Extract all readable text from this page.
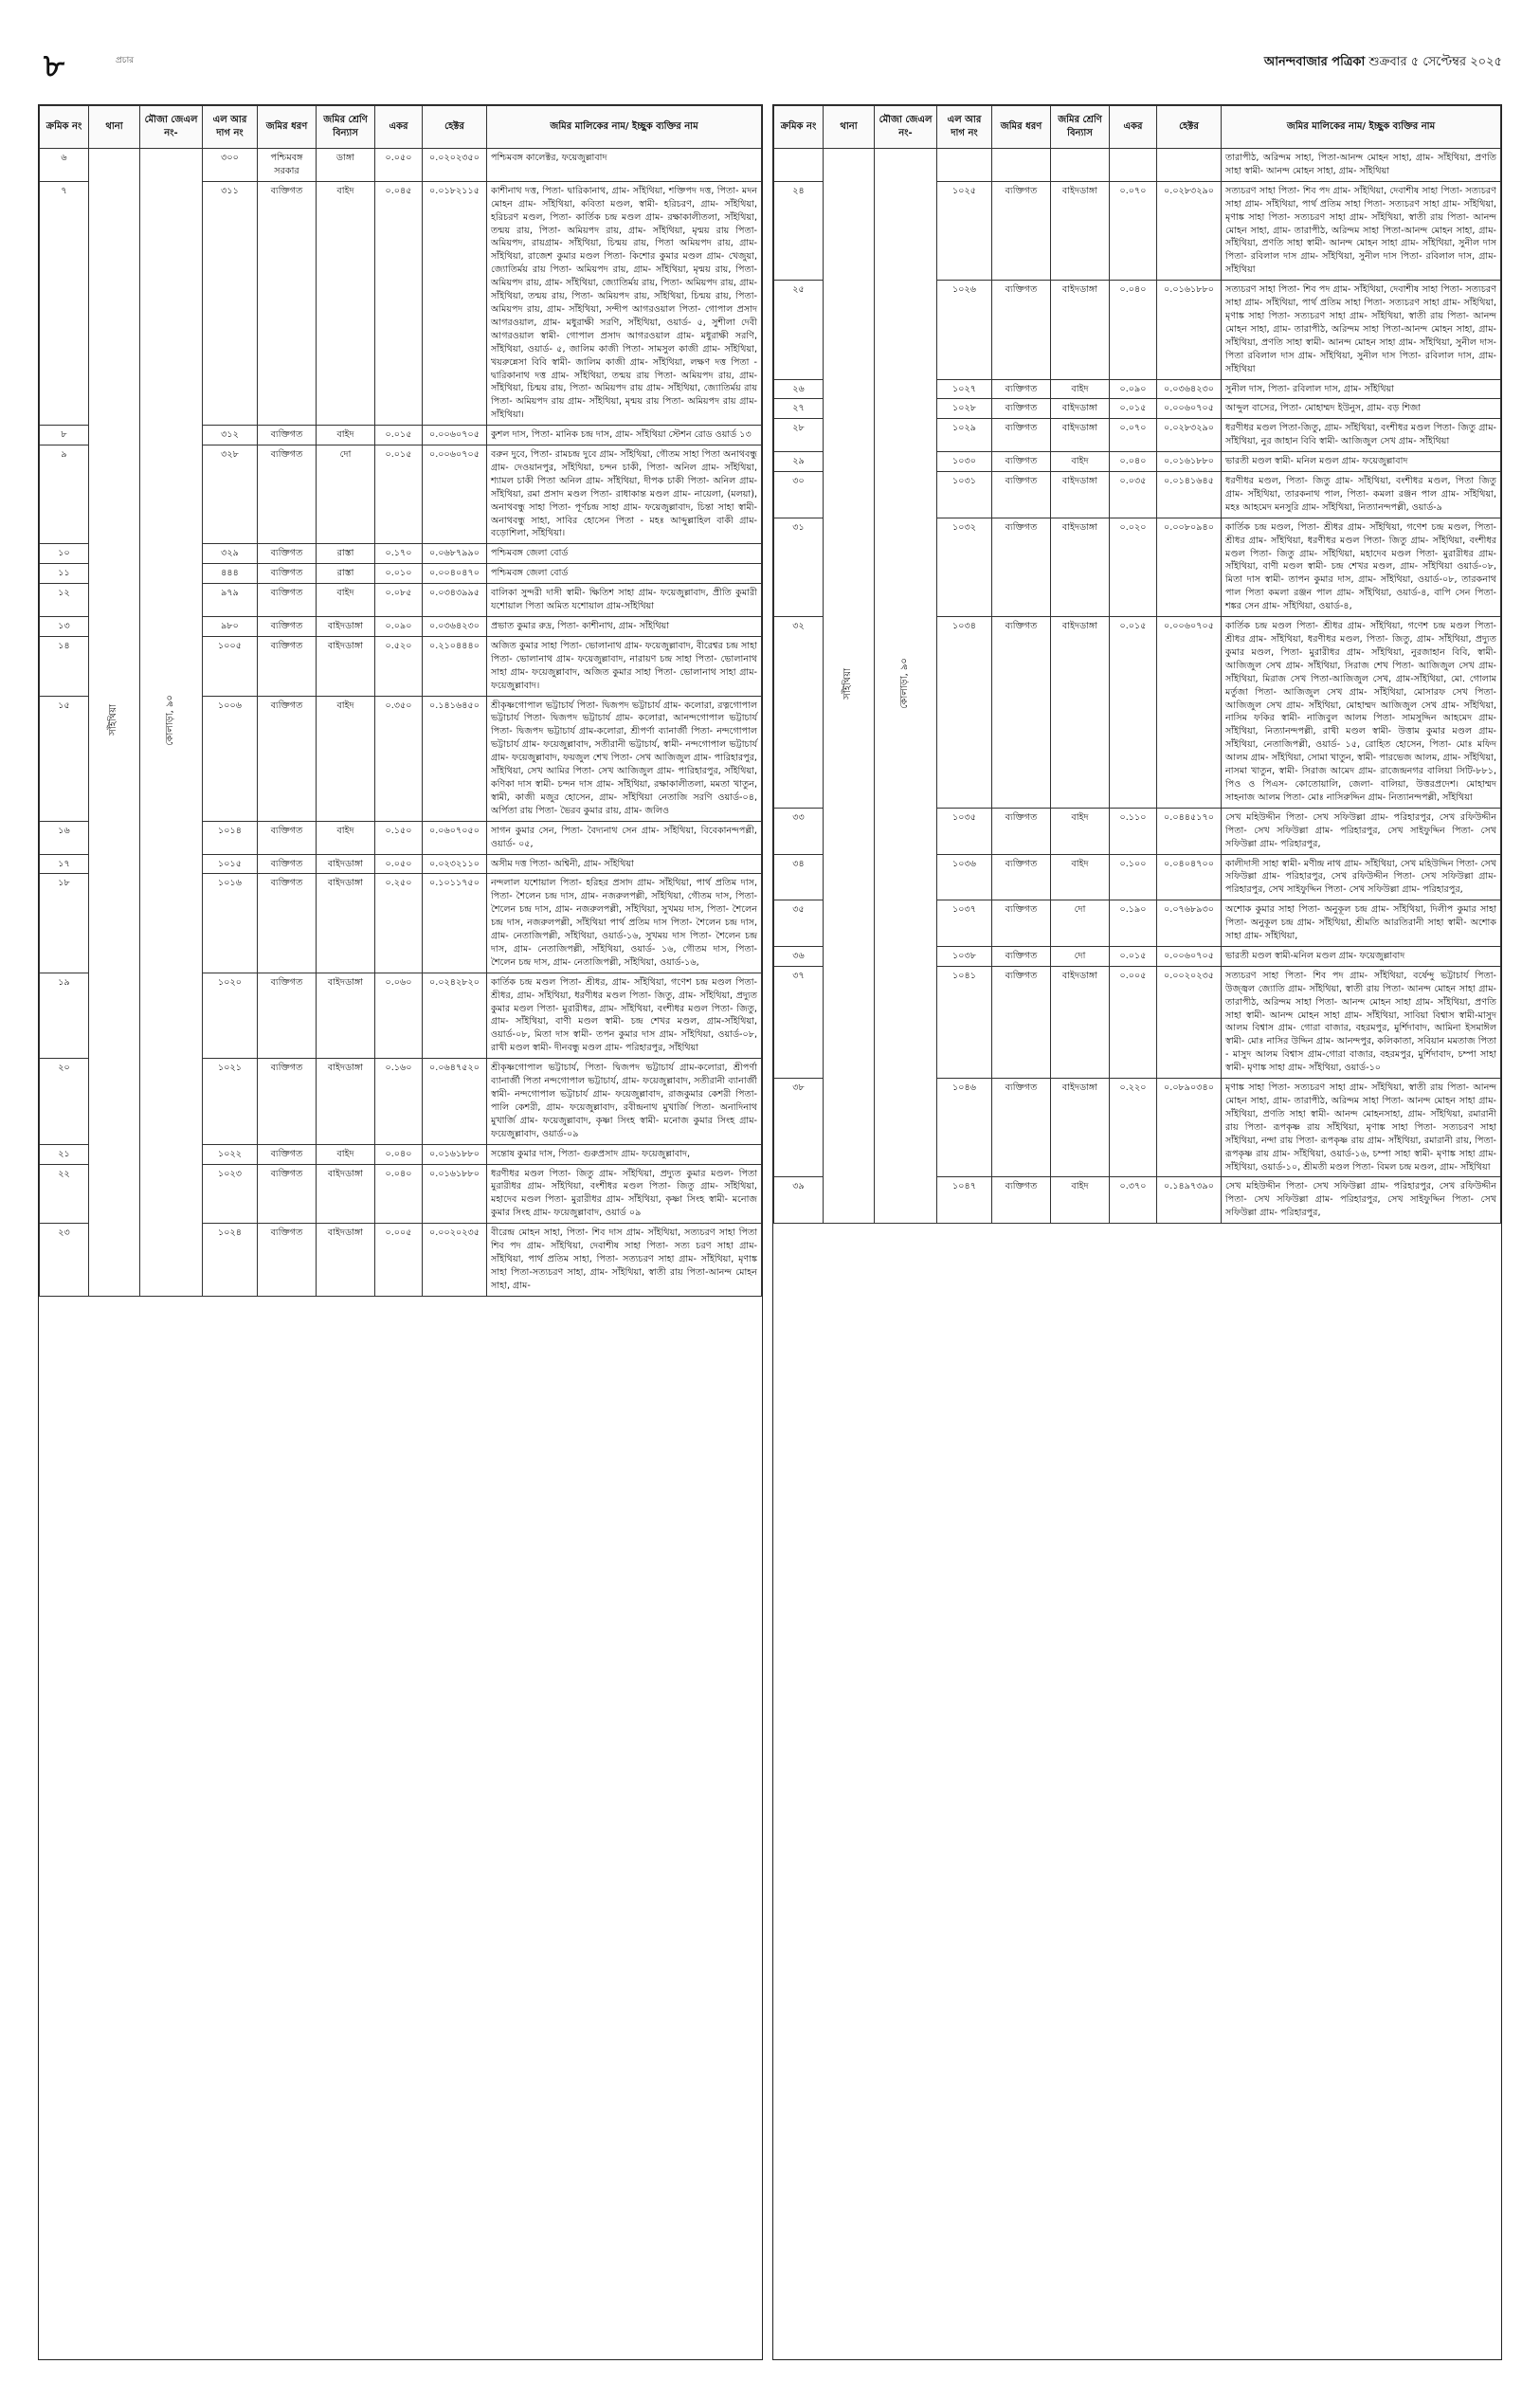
৮	প্রচার	আনন্দবাজার পত্রিকা শুক্রবার ৫ সেপ্টেম্বর ২০২৫
ক্রমিক নং	থানা	মৌজা জেএল নং-	এল আর দাগ নং	জমির ধরণ	জমির শ্রেণি বিন্যাস	একর	হেক্টর	জমির মালিকের নাম/ ইচ্ছুক ব্যক্তির নাম
৬	সাঁইথিয়া	কোলাড়া, ৯০	৩০০	পশ্চিমবঙ্গ সরকার	ডাঙ্গা	০.০৫০	০.০২০২৩৫০	পশ্চিমবঙ্গ কালেক্টর, ফয়েজুল্লাবাদ
৭			৩১১	ব্যক্তিগত	বাইদ	০.০৪৫	০.০১৮২১১৫	কাশীনাথ দত্ত, পিতা- দ্বারিকানাথ, গ্রাম- সাঁইথিয়া, শক্তিপদ দত্ত, পিতা- মদন মোহন গ্রাম- সাঁইথিয়া, কবিতা মণ্ডল, স্বামী- হরিচরণ, গ্রাম- সাঁইথিয়া, হরিচরণ মণ্ডল, পিতা- কার্তিক চন্দ্র মণ্ডল গ্রাম- রক্ষাকালীতলা, সাঁইথিয়া, তন্ময় রায়, পিতা- অমিয়পদ রায়, গ্রাম- সাঁইথিয়া, মৃন্ময় রায় পিতা- অমিয়পদ, রায়গ্রাম- সাঁইথিয়া, চিন্ময় রায়, পিতা অমিয়পদ রায়, গ্রাম- সাঁইথিয়া, রাজেশ কুমার মণ্ডল পিতা- কিশোর কুমার মণ্ডল গ্রাম- খেজুয়া, জ্যোতির্ময় রায় পিতা- অমিয়পদ রায়, গ্রাম- সাঁইথিয়া, মৃন্ময় রায়, পিতা- অমিয়পদ রায়, গ্রাম- সাঁইথিয়া, জ্যোতির্ময় রায়, পিতা- অমিয়পদ রায়, গ্রাম- সাঁইথিয়া, তন্ময় রায়, পিতা- অমিয়পদ রায়, সাঁইথিয়া, চিন্ময় রায়, পিতা- অমিয়পদ রায়, গ্রাম- সাঁইথিয়া, সন্দীপ আগরওয়াল পিতা- গোপাল প্রসাদ আগরওয়াল, গ্রাম- মধুরাক্ষী সরণি, সাঁইথিয়া, ওয়ার্ড- ৫, সুশীলা দেবী আগরওয়াল স্বামী- গোপাল প্রসাদ আগরওয়াল গ্রাম- মধুরাক্ষী সরণি, সাঁইথিয়া, ওয়ার্ড- ৫, জালিম কাজী পিতা- সামসুল কাজী গ্রাম- সাঁইথিয়া, খয়রুন্নেসা বিবি স্বামী- জালিম কাজী গ্রাম- সাঁইথিয়া, লক্ষণ দত্ত পিতা - দ্বারিকানাথ দত্ত গ্রাম- সাঁইথিয়া, তন্ময় রায় পিতা- অমিয়পদ রায়, গ্রাম- সাঁইথিয়া, চিন্ময় রায়, পিতা- অমিয়পদ রায় গ্রাম- সাঁইথিয়া, জ্যোতির্ময় রায় পিতা- অমিয়পদ রায় গ্রাম- সাঁইথিয়া, মৃন্ময় রায় পিতা- অমিয়পদ রায় গ্রাম- সাঁইথিয়া।
৮			৩১২	ব্যক্তিগত	বাইদ	০.০১৫	০.০০৬০৭০৫	কুশল দাস, পিতা- মানিক চন্দ্র দাস, গ্রাম- সাঁইথিয়া স্টেশন রোড ওয়ার্ড ১৩
৯			৩২৮	ব্যক্তিগত	দো	০.০১৫	০.০০৬০৭০৫	বরুন দুবে, পিতা- রামচন্দ্র দুবে গ্রাম- সাঁইথিয়া, গৌতম সাহা পিতা অনাথবন্ধু গ্রাম- দেওয়ানপুর, সাঁইথিয়া, চন্দন চাকী, পিতা- অনিল গ্রাম- সাঁইথিয়া, শ্যামল চাকী পিতা অনিল গ্রাম- সাঁইথিয়া, দীপক চাকী পিতা- অনিল গ্রাম- সাঁইথিয়া, রমা প্রসাদ মণ্ডল পিতা- রাধাকান্ত মণ্ডল গ্রাম- নায়েলা, (মলয়া), অনাথবন্ধু সাহা পিতা- পূর্ণচন্দ্র সাহা গ্রাম- ফয়েজুল্লাবাদ, চিন্তা সাহা স্বামী-অনাথবন্ধু সাহা, সাবির হোসেন পিতা - মহঃ আব্দুল্লাহিল বাকী গ্রাম- বড়োশিলা, সাঁইথিয়া।
১০			৩২৯	ব্যক্তিগত	রাস্তা	০.১৭০	০.০৬৮৭৯৯০	পশ্চিমবঙ্গ জেলা বোর্ড
১১			৪৪৪	ব্যক্তিগত	রাস্তা	০.০১০	০.০০৪০৪৭০	পশ্চিমবঙ্গ জেলা বোর্ড
১২			৯৭৯	ব্যক্তিগত	বাইদ	০.০৮৫	০.০৩৪৩৯৯৫	বালিকা সুন্দরী দাসী স্বামী- ক্ষিতিশ সাহা গ্রাম- ফয়েজুল্লাবাদ, প্রীতি কুমারী যশোয়াল পিতা অমিত যশোয়াল গ্রাম-সাঁইথিয়া
১৩			৯৮০	ব্যক্তিগত	বাইদডাঙ্গা	০.০৯০	০.০৩৬৪২৩০	প্রভাত কুমার রুদ্র, পিতা- কাশীনাথ, গ্রাম- সাঁইথিয়া
১৪			১০০৫	ব্যক্তিগত	বাইদডাঙ্গা	০.৫২০	০.২১০৪৪৪০	অজিত কুমার সাহা পিতা- ভোলানাথ গ্রাম- ফয়েজুল্লাবাদ, বীরেশ্বর চন্দ্র সাহা পিতা- ভোলানাথ গ্রাম- ফয়েজুল্লাবাদ, নারায়ণ চন্দ্র সাহা পিতা- ভোলানাথ সাহা গ্রাম- ফয়েজুল্লাবাদ, অজিত কুমার সাহা পিতা- ভোলানাথ সাহা গ্রাম- ফয়েজুল্লাবাদ।
১৫			১০০৬	ব্যক্তিগত	বাইদ	০.৩৫০	০.১৪১৬৪৫০	শ্রীকৃষ্ণগোপাল ভট্টাচার্য পিতা- দ্বিজপদ ভট্টাচার্য গ্রাম- কলোরা, রত্নগোপাল ভট্টাচার্য পিতা- দ্বিজপদ ভট্টাচার্য গ্রাম- কলোরা, আনন্দগোপাল ভট্টাচার্য পিতা- দ্বিজপদ ভট্টাচার্য গ্রাম-কলোরা, শ্রীপর্ণা ব্যানার্জী পিতা- নন্দগোপাল ভট্টাচার্য গ্রাম- ফয়েজুল্লাবাদ, সতীরানী ভট্টাচার্য, স্বামী- নন্দগোপাল ভট্টাচার্য গ্রাম- ফয়েজুল্লাবাদ, ফয়জুল শেখ পিতা- সেখ আজিজুল গ্রাম- পারিহারপুর, সাঁইথিয়া, সেখ আমির পিতা- সেখ আজিজুল গ্রাম- পারিহারপুর, সাঁইথিয়া, কণিকা দাস স্বামী- চন্দন দাস গ্রাম- সাঁইথিয়া, রক্ষাকালীতলা, মমতা খাতুন, স্বামী, কাজী মজুর হোসেন, গ্রাম- সাঁইথিয়া নেতাজি সরণি ওয়ার্ড-০৪, অর্পিতা রায় পিতা- ভৈরব কুমার রায়, গ্রাম- জলিও
১৬			১০১৪	ব্যক্তিগত	বাইদ	০.১৫০	০.০৬০৭০৫০	সাগন কুমার সেন, পিতা- বৈদ্যনাথ সেন গ্রাম- সাঁইথিয়া, বিবেকানন্দপল্লী, ওয়ার্ড- ০৫,
১৭			১০১৫	ব্যক্তিগত	বাইদডাঙ্গা	০.০৫০	০.০২৩২১১০	অসীম দত্ত পিতা- অশ্বিনী, গ্রাম- সাঁইথিয়া
১৮			১০১৬	ব্যক্তিগত	বাইদডাঙ্গা	০.২৫০	০.১০১১৭৫০	নন্দলাল যশোয়াল পিতা- হরিহর প্রসাদ গ্রাম- সাঁইথিয়া, পার্থ প্রতিম দাস, পিতা- শৈলেন চন্দ্র দাস, গ্রাম- নজরুলপল্লী, সাঁইথিয়া, গৌতম দাস, পিতা- শৈলেন চন্দ্র দাস, গ্রাম- নজরুলপল্লী, সাঁইথিয়া, সুখময় দাস, পিতা- শৈলেন চন্দ্র দাস, নজরুলপল্লী, সাঁইথিয়া পার্থ প্রতিম দাস পিতা- শৈলেন চন্দ্র দাস, গ্রাম- নেতাজিপল্লী, সাঁইথিয়া, ওয়ার্ড-১৬, সুখময় দাস পিতা- শৈলেন চন্দ্র দাস, গ্রাম- নেতাজিপল্লী, সাঁইথিয়া, ওয়ার্ড- ১৬, গৌতম দাস, পিতা- শৈলেন চন্দ্র দাস, গ্রাম- নেতাজিপল্লী, সাঁইথিয়া, ওয়ার্ড-১৬,
১৯			১০২০	ব্যক্তিগত	বাইদডাঙ্গা	০.০৬০	০.০২৪২৮২০	কার্তিক চন্দ্র মণ্ডল পিতা- শ্রীধর, গ্রাম- সাঁইথিয়া, গণেশ চন্দ্র মণ্ডল পিতা- শ্রীধর, গ্রাম- সাঁইথিয়া, ধরণীধর মণ্ডল পিতা- জিতু, গ্রাম- সাঁইথিয়া, প্রদ্যুত কুমার মণ্ডল পিতা- মুরারীধর, গ্রাম- সাঁইথিয়া, বংশীধর মণ্ডল পিতা- জিতু, গ্রাম- সাঁইথিয়া, বাণী মণ্ডল স্বামী- চন্দ্র শেখর মণ্ডল, গ্রাম-সাঁইথিয়া, ওয়ার্ড-০৮, মিতা দাস স্বামী- তপন কুমার দাস গ্রাম- সাঁইথিয়া, ওয়ার্ড-০৮, রাখী মণ্ডল স্বামী- দীনবন্ধু মণ্ডল গ্রাম- পরিহারপুর, সাঁইথিয়া
২০			১০২১	ব্যক্তিগত	বাইদডাঙ্গা	০.১৬০	০.০৬৪৭৫২০	শ্রীকৃষ্ণগোপাল ভট্টাচার্য, পিতা- দ্বিজপদ ভট্টাচার্য গ্রাম-কলোরা, শ্রীপর্ণা ব্যানার্জী পিতা নন্দগোপাল ভট্টাচার্য, গ্রাম- ফয়েজুল্লাবাদ, সতীরানী ব্যানার্জী স্বামী- নন্দগোপাল ভট্টাচার্য গ্রাম- ফয়েজুল্লাবাদ, রাজকুমার কেশরী পিতা- পালি কেশরী, গ্রাম- ফয়েজুল্লাবাদ, রবীন্দ্রনাথ মুখার্জি পিতা- অনাদিনাথ মুখার্জি গ্রাম- ফয়েজুল্লাবাদ, কৃষ্ণা সিংহ স্বামী- মনোজ কুমার সিংহ গ্রাম- ফয়েজুল্লাবাদ, ওয়ার্ড-০৯
২১			১০২২	ব্যক্তিগত	বাইদ	০.০৪০	০.০১৬১৮৮০	সন্তোষ কুমার দাস, পিতা- গুরুপ্রসাদ গ্রাম- ফয়েজুল্লাবাদ,
২২			১০২৩	ব্যক্তিগত	বাইদডাঙ্গা	০.০৪০	০.০১৬১৮৮০	ধরণীধর মণ্ডল পিতা- জিতু গ্রাম- সাঁইথিয়া, প্রদ্যুত কুমার মণ্ডল- পিতা মুরারীধর গ্রাম- সাঁইথিয়া, বংশীধর মণ্ডল পিতা- জিতু গ্রাম- সাঁইথিয়া, মহাদেব মণ্ডল পিতা- মুরারীধর গ্রাম- সাঁইথিয়া, কৃষ্ণা সিংহ স্বামী- মনোজ কুমার সিংহ গ্রাম- ফয়েজুল্লাবাদ, ওয়ার্ড ০৯
২৩			১০২৪	ব্যক্তিগত	বাইদডাঙ্গা	০.০০৫	০.০০২০২৩৫	বীরেন্দ্র মোহন সাহা, পিতা- শিব দাস গ্রাম- সাঁইথিয়া, সত্যচরণ সাহা পিতা শিব পদ গ্রাম- সাঁইথিয়া, দেবাশীষ সাহা পিতা- সত্য চরণ সাহা গ্রাম- সাঁইথিয়া, পার্থ প্রতিম সাহা, পিতা- সত্যচরণ সাহা গ্রাম- সাঁইথিয়া, মৃণাঙ্ক সাহা পিতা-সত্যচরণ সাহা, গ্রাম- সাঁইথিয়া, স্বাতী রায় পিতা-আনন্দ মোহন সাহা, গ্রাম-
ক্রমিক নং	থানা	মৌজা জেএল নং-	এল আর দাগ নং	জমির ধরণ	জমির শ্রেণি বিন্যাস	একর	হেক্টর	জমির মালিকের নাম/ ইচ্ছুক ব্যক্তির নাম
	সাঁইথিয়া	কোলাড়া, ৯০						তারাপীঠ, অরিন্দম সাহা, পিতা-আনন্দ মোহন সাহা, গ্রাম- সাঁইথিয়া, প্রণতি সাহা স্বামী- আনন্দ মোহন সাহা, গ্রাম- সাঁইথিয়া
২৪			১০২৫	ব্যক্তিগত	বাইদডাঙ্গা	০.০৭০	০.০২৮৩২৯০	সত্যচরণ সাহা পিতা- শিব পদ গ্রাম- সাঁইথিয়া, দেবাশীষ সাহা পিতা- সত্যচরণ সাহা গ্রাম- সাঁইথিয়া, পার্থ প্রতিম সাহা পিতা- সত্যচরণ সাহা গ্রাম- সাঁইথিয়া, মৃণাঙ্ক সাহা পিতা- সত্যচরণ সাহা গ্রাম- সাঁইথিয়া, স্বাতী রায় পিতা- আনন্দ মোহন সাহা, গ্রাম- তারাপীঠ, অরিন্দম সাহা পিতা-আনন্দ মোহন সাহা, গ্রাম- সাঁইথিয়া, প্রণতি সাহা স্বামী- আনন্দ মোহন সাহা গ্রাম- সাঁইথিয়া, সুনীল দাস পিতা- রবিলাল দাস গ্রাম- সাঁইথিয়া, সুনীল দাস পিতা- রবিলাল দাস, গ্রাম- সাঁইথিয়া
২৫			১০২৬	ব্যক্তিগত	বাইদডাঙ্গা	০.০৪০	০.০১৬১৮৮০	সত্যচরণ সাহা পিতা- শিব পদ গ্রাম- সাঁইথিয়া, দেবাশীষ সাহা পিতা- সত্যচরণ সাহা গ্রাম- সাঁইথিয়া, পার্থ প্রতিম সাহা পিতা- সত্যচরণ সাহা গ্রাম- সাঁইথিয়া, মৃণাঙ্ক সাহা পিতা- সত্যচরণ সাহা গ্রাম- সাঁইথিয়া, স্বাতী রায় পিতা- আনন্দ মোহন সাহা, গ্রাম- তারাপীঠ, অরিন্দম সাহা পিতা-আনন্দ মোহন সাহা, গ্রাম- সাঁইথিয়া, প্রণতি সাহা স্বামী- আনন্দ মোহন সাহা গ্রাম- সাঁইথিয়া, সুনীল দাস- পিতা রবিলাল দাস গ্রাম- সাঁইথিয়া, সুনীল দাস পিতা- রবিলাল দাস, গ্রাম- সাঁইথিয়া
২৬			১০২৭	ব্যক্তিগত	বাইদ	০.০৯০	০.০৩৬৪২৩০	সুনীল দাস, পিতা- রবিলাল দাস, গ্রাম- সাঁইথিয়া
২৭			১০২৮	ব্যক্তিগত	বাইদডাঙ্গা	০.০১৫	০.০০৬০৭০৫	আব্দুল বাসের, পিতা- মোহাম্মদ ইউনুস, গ্রাম- বড় শিজা
২৮			১০২৯	ব্যক্তিগত	বাইদডাঙ্গা	০.০৭০	০.০২৮৩২৯০	ধরণীধর মণ্ডল পিতা-জিতু, গ্রাম- সাঁইথিয়া, বংশীধর মণ্ডল পিতা- জিতু গ্রাম- সাঁইথিয়া, নুর জাহান বিবি স্বামী- আজিজুল সেখ গ্রাম- সাঁইথিয়া
২৯			১০৩০	ব্যক্তিগত	বাইদ	০.০৪০	০.০১৬১৮৮০	ভারতী মণ্ডল স্বামী- মনিল মণ্ডল গ্রাম- ফয়েজুল্লাবাদ
৩০			১০৩১	ব্যক্তিগত	বাইদডাঙ্গা	০.০৩৫	০.০১৪১৬৪৫	ধরণীধর মণ্ডল, পিতা- জিতু গ্রাম- সাঁইথিয়া, বংশীধর মণ্ডল, পিতা জিতু গ্রাম- সাঁইথিয়া, তারকনাথ পাল, পিতা- কমলা রঞ্জন পাল গ্রাম- সাঁইথিয়া, মহঃ আহমেদ মনসুরি গ্রাম- সাঁইথিয়া, নিত্যানন্দপল্লী, ওয়ার্ড-৯
৩১			১০৩২	ব্যক্তিগত	বাইদডাঙ্গা	০.০২০	০.০০৮০৯৪০	কার্তিক চন্দ্র মণ্ডল, পিতা- শ্রীধর গ্রাম- সাঁইথিয়া, গণেশ চন্দ্র মণ্ডল, পিতা- শ্রীধর গ্রাম- সাঁইথিয়া, ধরণীধর মণ্ডল পিতা- জিতু গ্রাম- সাঁইথিয়া, বংশীধর মণ্ডল পিতা- জিতু গ্রাম- সাঁইথিয়া, মহাদেব মণ্ডল পিতা- মুরারীধর গ্রাম- সাঁইথিয়া, বাণী মণ্ডল স্বামী- চন্দ্র শেখর মণ্ডল, গ্রাম- সাঁইথিয়া ওয়ার্ড-০৮, মিতা দাস স্বামী- তাপন কুমার দাস, গ্রাম- সাঁইথিয়া, ওয়ার্ড-০৮, তারকনাথ পাল পিতা কমলা রঞ্জন পাল গ্রাম- সাঁইথিয়া, ওয়ার্ড-৪, বাপি সেন পিতা- শঙ্কর সেন গ্রাম- সাঁইথিয়া, ওয়ার্ড-৪,
৩২			১০৩৪	ব্যক্তিগত	বাইদডাঙ্গা	০.০১৫	০.০০৬০৭০৫	কার্তিক চন্দ্র মণ্ডল পিতা- শ্রীধর গ্রাম- সাঁইথিয়া, গণেশ চন্দ্র মণ্ডল পিতা- শ্রীধর গ্রাম- সাঁইথিয়া, ধরণীধর মণ্ডল, পিতা- জিতু, গ্রাম- সাঁইথিয়া, প্রদ্যুত কুমার মণ্ডল, পিতা- মুরারীধর গ্রাম- সাঁইথিয়া, নুরজাহান বিবি, স্বামী- আজিজুল সেখ গ্রাম- সাঁইথিয়া, সিরাজ শেখ পিতা- আজিজুল সেখ গ্রাম- সাঁইথিয়া, মিরাজ সেখ পিতা-আজিজুল সেখ, গ্রাম-সাঁইথিয়া, মো. গোলাম মর্তুজা পিতা- আজিজুল সেখ গ্রাম- সাঁইথিয়া, মোসারফ সেখ পিতা- আজিজুল সেখ গ্রাম- সাঁইথিয়া, মোহাম্মদ আজিজুল সেখ গ্রাম- সাঁইথিয়া, নাসিম ফকির স্বামী- নাজিবুল আলম পিতা- সামসুদ্দিন আহমেদ গ্রাম- সাঁইথিয়া, নিত্যানন্দপল্লী, রাখী মণ্ডল স্বামী- উত্তাম কুমার মণ্ডল গ্রাম- সাঁইথিয়া, নেতাজিপল্লী, ওয়ার্ড- ১৫, রোহিত হোসেন, পিতা- মোঃ মফিদ আলম গ্রাম- সাঁইথিয়া, সোমা খাতুন, স্বামী- পারভেজ আলম, গ্রাম- সাঁইথিয়া, নাসমা খাতুন, স্বামী- সিরাজ আমেদ গ্রাম- রাজেন্দ্রনগর বালিয়া সিটি-৮৮১, পিও ও পিএস- কোতোয়ালি, জেলা- বালিয়া, উত্তরপ্রদেশ। মোহাম্মদ সাহনাজ আলম পিতা- মোঃ নাসিরুদ্দিন গ্রাম- নিত্যানন্দপল্লী, সাঁইথিয়া
৩৩			১০৩৫	ব্যক্তিগত	বাইদ	০.১১০	০.০৪৪৫১৭০	সেখ মহিউদ্দীন পিতা- সেখ সফিউল্লা গ্রাম- পরিহারপুর, সেখ রফিউদ্দীন পিতা- সেখ সফিউল্লা গ্রাম- পরিহারপুর, সেখ সাইফুদ্দিন পিতা- সেখ সফিউল্লা গ্রাম- পরিহারপুর,
৩৪			১০৩৬	ব্যক্তিগত	বাইদ	০.১০০	০.০৪০৪৭০০	কালীদাসী সাহা স্বামী- মণীন্দ্র নাথ গ্রাম- সাঁইথিয়া, সেখ মহিউদ্দিন পিতা- সেখ সফিউল্লা গ্রাম- পরিহারপুর, সেখ রফিউদ্দীন পিতা- সেখ সফিউল্লা গ্রাম- পরিহারপুর, সেখ সাইফুদ্দিন পিতা- সেখ সফিউল্লা গ্রাম- পরিহারপুর,
৩৫			১০৩৭	ব্যক্তিগত	দো	০.১৯০	০.০৭৬৮৯৩০	অশোক কুমার সাহা পিতা- অনুকূল চন্দ্র গ্রাম- সাঁইথিয়া, দিলীপ কুমার সাহা পিতা- অনুকূল চন্দ্র গ্রাম- সাঁইথিয়া, শ্রীমতি আরতিরানী সাহা স্বামী- অশোক সাহা গ্রাম- সাঁইথিয়া,
৩৬			১০৩৮	ব্যক্তিগত	দো	০.০১৫	০.০০৬০৭০৫	ভারতী মণ্ডল স্বামী-মনিল মণ্ডল গ্রাম- ফয়েজুল্লাবাদ
৩৭			১০৪১	ব্যক্তিগত	বাইদডাঙ্গা	০.০০৫	০.০০২০২৩৫	সত্যচরণ সাহা পিতা- শিব পদ গ্রাম- সাঁইথিয়া, বর্ষেন্দু ভট্টাচার্য পিতা- উজ্জ্বল জ্যোতি গ্রাম- সাঁইথিয়া, স্বাতী রায় পিতা- আনন্দ মোহন সাহা গ্রাম- তারাপীঠ, অরিন্দম সাহা পিতা- আনন্দ মোহন সাহা গ্রাম- সাঁইথিয়া, প্রণতি সাহা স্বামী- আনন্দ মোহন সাহা গ্রাম- সাঁইথিয়া, সাবিয়া বিশ্বাস স্বামী-মাসুদ আলম বিশ্বাস গ্রাম- গোরা বাজার, বহরমপুর, মুর্শিদাবাদ, আমিনা ইসমাঈল স্বামী- মোঃ নাসির উদ্দিন গ্রাম- আনন্দপুর, কলিকাতা, সবিয়ান মমতাজ পিতা - মাসুদ আলম বিশ্বাস গ্রাম-গোরা বাজার, বহরমপুর, মুর্শিদাবাদ, চম্পা সাহা স্বামী- মৃণাঙ্ক সাহা গ্রাম- সাঁইথিয়া, ওয়ার্ড-১০
৩৮			১০৪৬	ব্যক্তিগত	বাইদডাঙ্গা	০.২২০	০.০৮৯০৩৪০	মৃণাঙ্ক সাহা পিতা- সত্যচরণ সাহা গ্রাম- সাঁইথিয়া, স্বাতী রায় পিতা- আনন্দ মোহন সাহা, গ্রাম- তারাপীঠ, অরিন্দম সাহা পিতা- আনন্দ মোহন সাহা গ্রাম- সাঁইথিয়া, প্রণতি সাহা স্বামী- আনন্দ মোহনসাহা, গ্রাম- সাঁইথিয়া, রমারানী রায় পিতা- রূপকৃষ্ণ রায় সাঁইথিয়া, মৃণাঙ্ক সাহা পিতা- সত্যচরণ সাহা সাঁইথিয়া, নন্দা রায় পিতা- রূপকৃষ্ণ রায় গ্রাম- সাঁইথিয়া, রমারানী রায়, পিতা- রূপকৃষ্ণ রায় গ্রাম- সাঁইথিয়া, ওয়ার্ড-১৬, চম্পা সাহা স্বামী- মৃণাঙ্ক সাহা গ্রাম- সাঁইথিয়া, ওয়ার্ড-১০, শ্রীমতী মণ্ডল পিতা- বিমল চন্দ্র মণ্ডল, গ্রাম- সাঁইথিয়া
৩৯			১০৪৭	ব্যক্তিগত	বাইদ	০.৩৭০	০.১৪৯৭৩৯০	সেখ মহিউদ্দীন পিতা- সেখ সফিউল্লা গ্রাম- পরিহারপুর, সেখ রফিউদ্দীন পিতা- সেখ সফিউল্লা গ্রাম- পরিহারপুর, সেখ সাইফুদ্দিন পিতা- সেখ সফিউল্লা গ্রাম- পরিহারপুর,
